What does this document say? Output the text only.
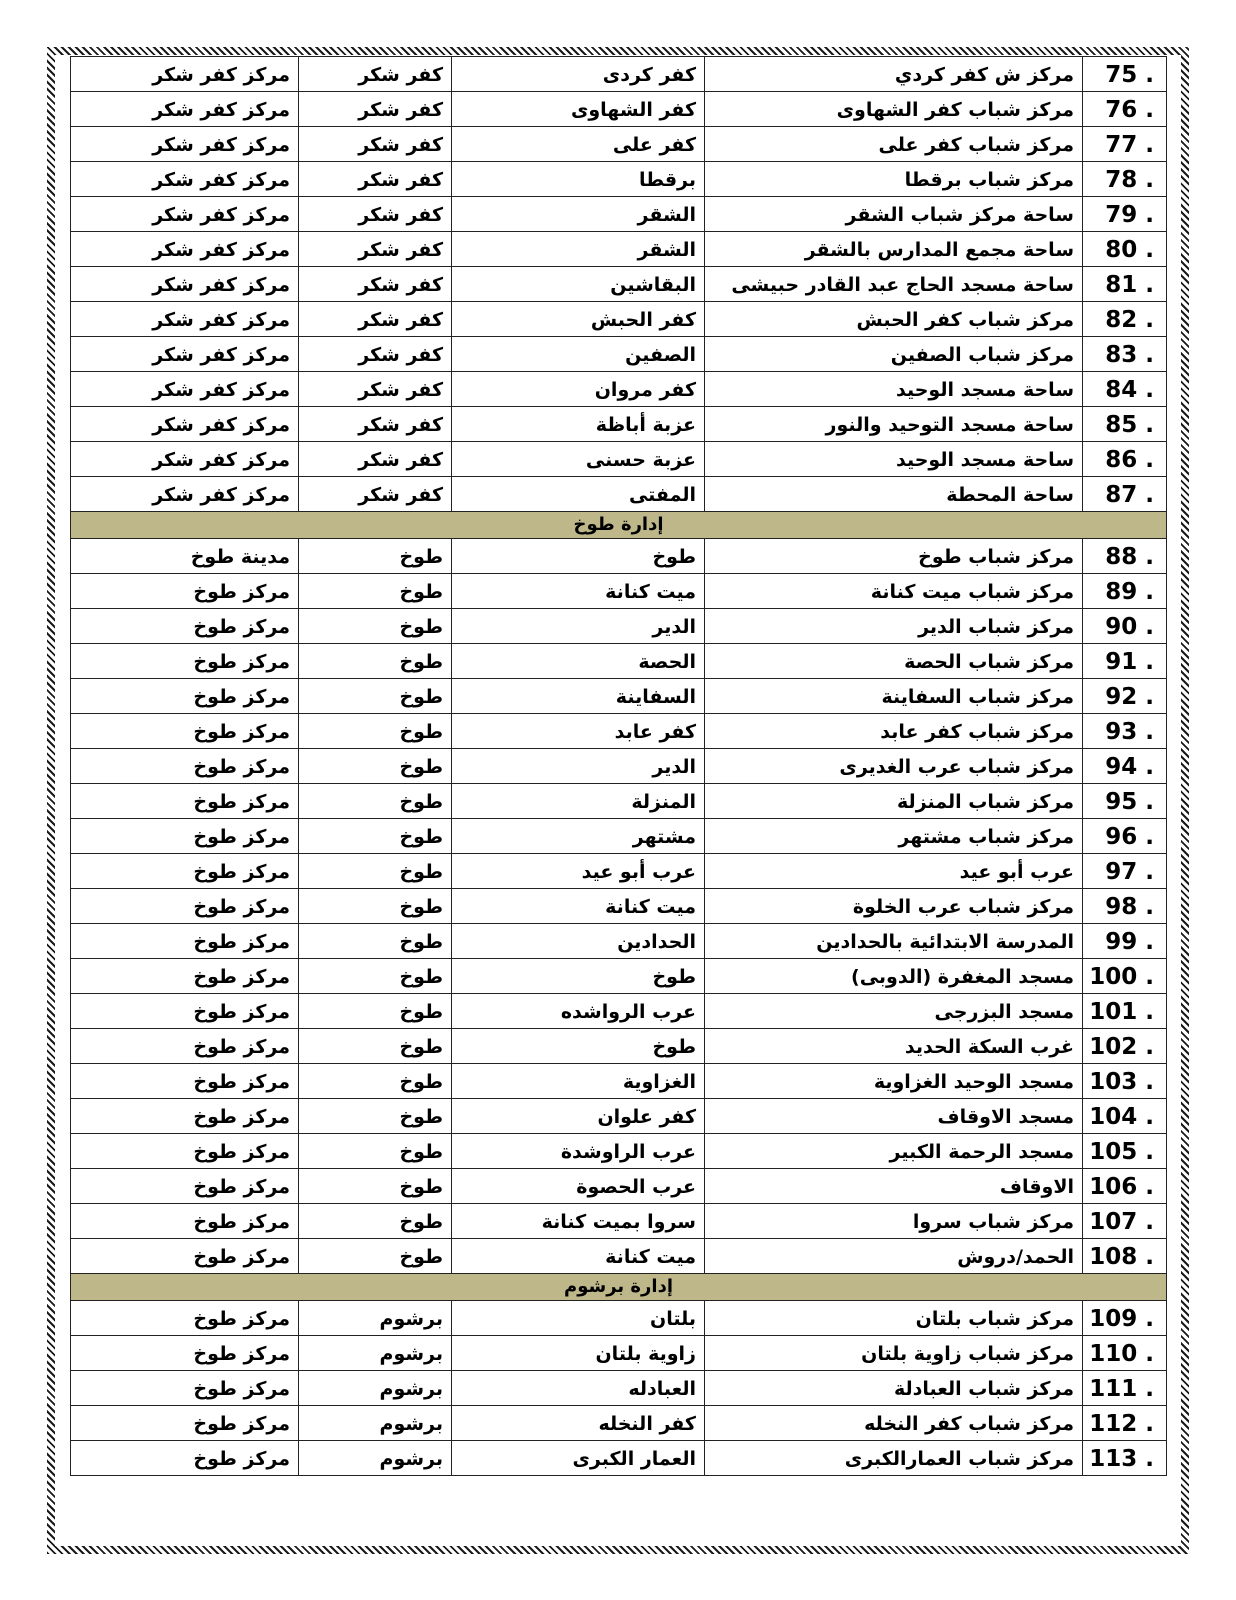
. 75	مركز ش كفر كردي	كفر كردى	كفر شكر	مركز كفر شكر
. 76	مركز شباب كفر الشهاوى	كفر الشهاوى	كفر شكر	مركز كفر شكر
. 77	مركز شباب كفر على	كفر على	كفر شكر	مركز كفر شكر
. 78	مركز شباب برقطا	برقطا	كفر شكر	مركز كفر شكر
. 79	ساحة مركز شباب الشقر	الشقر	كفر شكر	مركز كفر شكر
. 80	ساحة مجمع المدارس بالشقر	الشقر	كفر شكر	مركز كفر شكر
. 81	ساحة مسجد الحاج عبد القادر حبيشى	البقاشين	كفر شكر	مركز كفر شكر
. 82	مركز شباب كفر الحبش	كفر الحبش	كفر شكر	مركز كفر شكر
. 83	مركز شباب الصفين	الصفين	كفر شكر	مركز كفر شكر
. 84	ساحة مسجد الوحيد	كفر مروان	كفر شكر	مركز كفر شكر
. 85	ساحة مسجد التوحيد والنور	عزبة أباظة	كفر شكر	مركز كفر شكر
. 86	ساحة مسجد الوحيد	عزبة حسنى	كفر شكر	مركز كفر شكر
. 87	ساحة المحطة	المفتى	كفر شكر	مركز كفر شكر
إدارة طوخ				
. 88	مركز شباب طوخ	طوخ	طوخ	مدينة طوخ
. 89	مركز شباب ميت كنانة	ميت كنانة	طوخ	مركز طوخ
. 90	مركز شباب الدير	الدير	طوخ	مركز طوخ
. 91	مركز شباب الحصة	الحصة	طوخ	مركز طوخ
. 92	مركز شباب السفاينة	السفاينة	طوخ	مركز طوخ
. 93	مركز شباب كفر عابد	كفر عابد	طوخ	مركز طوخ
. 94	مركز شباب عرب الغديرى	الدير	طوخ	مركز طوخ
. 95	مركز شباب المنزلة	المنزلة	طوخ	مركز طوخ
. 96	مركز شباب مشتهر	مشتهر	طوخ	مركز طوخ
. 97	عرب أبو عيد	عرب أبو عيد	طوخ	مركز طوخ
. 98	مركز شباب عرب الخلوة	ميت كنانة	طوخ	مركز طوخ
. 99	المدرسة الابتدائية بالحدادين	الحدادين	طوخ	مركز طوخ
. 100	مسجد المغفرة (الدوبى)	طوخ	طوخ	مركز طوخ
. 101	مسجد البزرجى	عرب الرواشده	طوخ	مركز طوخ
. 102	غرب السكة الحديد	طوخ	طوخ	مركز طوخ
. 103	مسجد الوحيد الغزاوية	الغزاوية	طوخ	مركز طوخ
. 104	مسجد الاوقاف	كفر علوان	طوخ	مركز طوخ
. 105	مسجد الرحمة الكبير	عرب الراوشدة	طوخ	مركز طوخ
. 106	الاوقاف	عرب الحصوة	طوخ	مركز طوخ
. 107	مركز شباب سروا	سروا بميت كنانة	طوخ	مركز طوخ
. 108	الحمد/دروش	ميت كنانة	طوخ	مركز طوخ
إدارة برشوم				
. 109	مركز شباب بلتان	بلتان	برشوم	مركز طوخ
. 110	مركز شباب زاوية بلتان	زاوية بلتان	برشوم	مركز طوخ
. 111	مركز شباب العبادلة	العبادله	برشوم	مركز طوخ
. 112	مركز شباب كفر النخله	كفر النخله	برشوم	مركز طوخ
. 113	مركز شباب العمارالكبرى	العمار الكبرى	برشوم	مركز طوخ
